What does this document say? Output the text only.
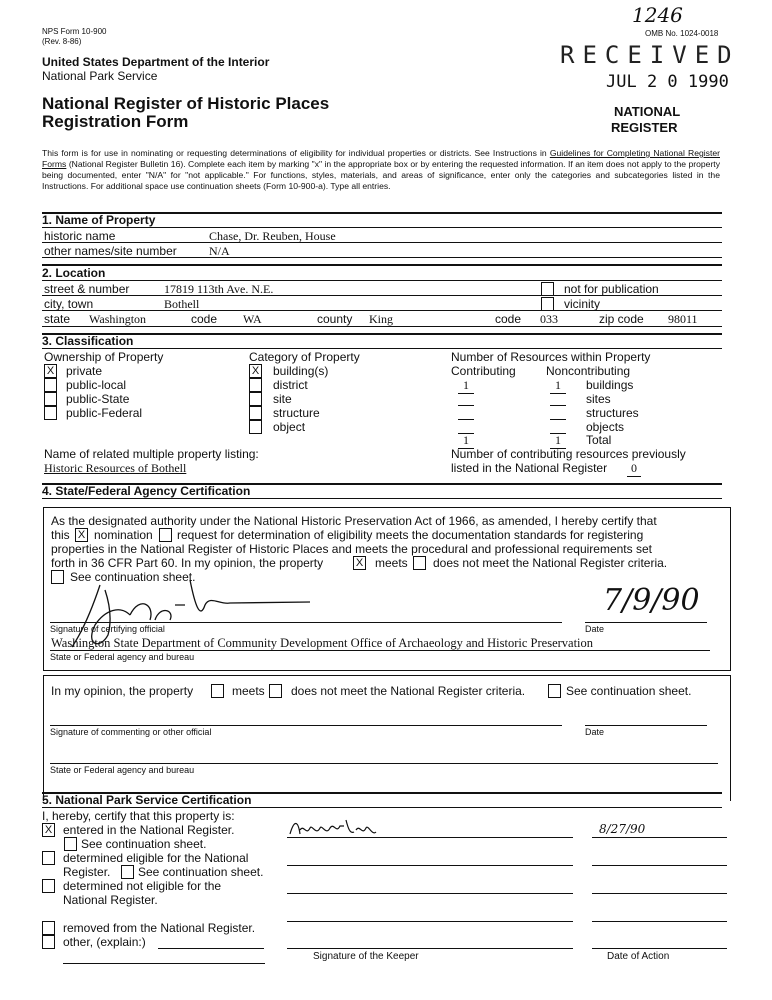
NPS Form 10-900
(Rev. 8-86)
United States Department of the Interior
National Park Service
National Register of Historic Places
Registration Form
1246
OMB No. 1024-0018
RECEIVED
JUL 2 0 1990
NATIONAL
REGISTER
This form is for use in nominating or requesting determinations of eligibility for individual properties or districts. See Instructions in Guidelines for Completing National Register Forms (National Register Bulletin 16). Complete each item by marking "x" in the appropriate box or by entering the requested information. If an item does not apply to the property being documented, enter "N/A" for "not applicable." For functions, styles, materials, and areas of significance, enter only the categories and subcategories listed in the Instructions. For additional space use continuation sheets (Form 10-900-a). Type all entries.
1. Name of Property
historic name	Chase, Dr. Reuben, House
other names/site number	N/A
2. Location
street & number	17819 113th Ave. N.E.	not for publication
city, town	Bothell	vicinity
state Washington	code WA	county King	code 033	zip code 98011
3. Classification
Ownership of Property
X private
public-local
public-State
public-Federal
Category of Property
X building(s)
district
site
structure
object
Number of Resources within Property
Contributing	Noncontributing
1	1	buildings
sites
structures
objects
1	1	Total
Name of related multiple property listing:
Historic Resources of Bothell
Number of contributing resources previously
listed in the National Register	0
4. State/Federal Agency Certification
As the designated authority under the National Historic Preservation Act of 1966, as amended, I hereby certify that
this X nomination request for determination of eligibility meets the documentation standards for registering
properties in the National Register of Historic Places and meets the procedural and professional requirements set
forth in 36 CFR Part 60. In my opinion, the property	X meets does not meet the National Register criteria.
See continuation sheet.
Signature of certifying official	Date
7/9/90
Washington State Department of Community Development Office of Archaeology and Historic Preservation
State or Federal agency and bureau
In my opinion, the property	meets does not meet the National Register criteria.	See continuation sheet.
Signature of commenting or other official	Date
State or Federal agency and bureau
5. National Park Service Certification
I, hereby, certify that this property is:
X entered in the National Register.
See continuation sheet.
determined eligible for the National
Register. See continuation sheet.
determined not eligible for the
National Register.
removed from the National Register.
other, (explain:)
8/27/90
Signature of the Keeper	Date of Action
